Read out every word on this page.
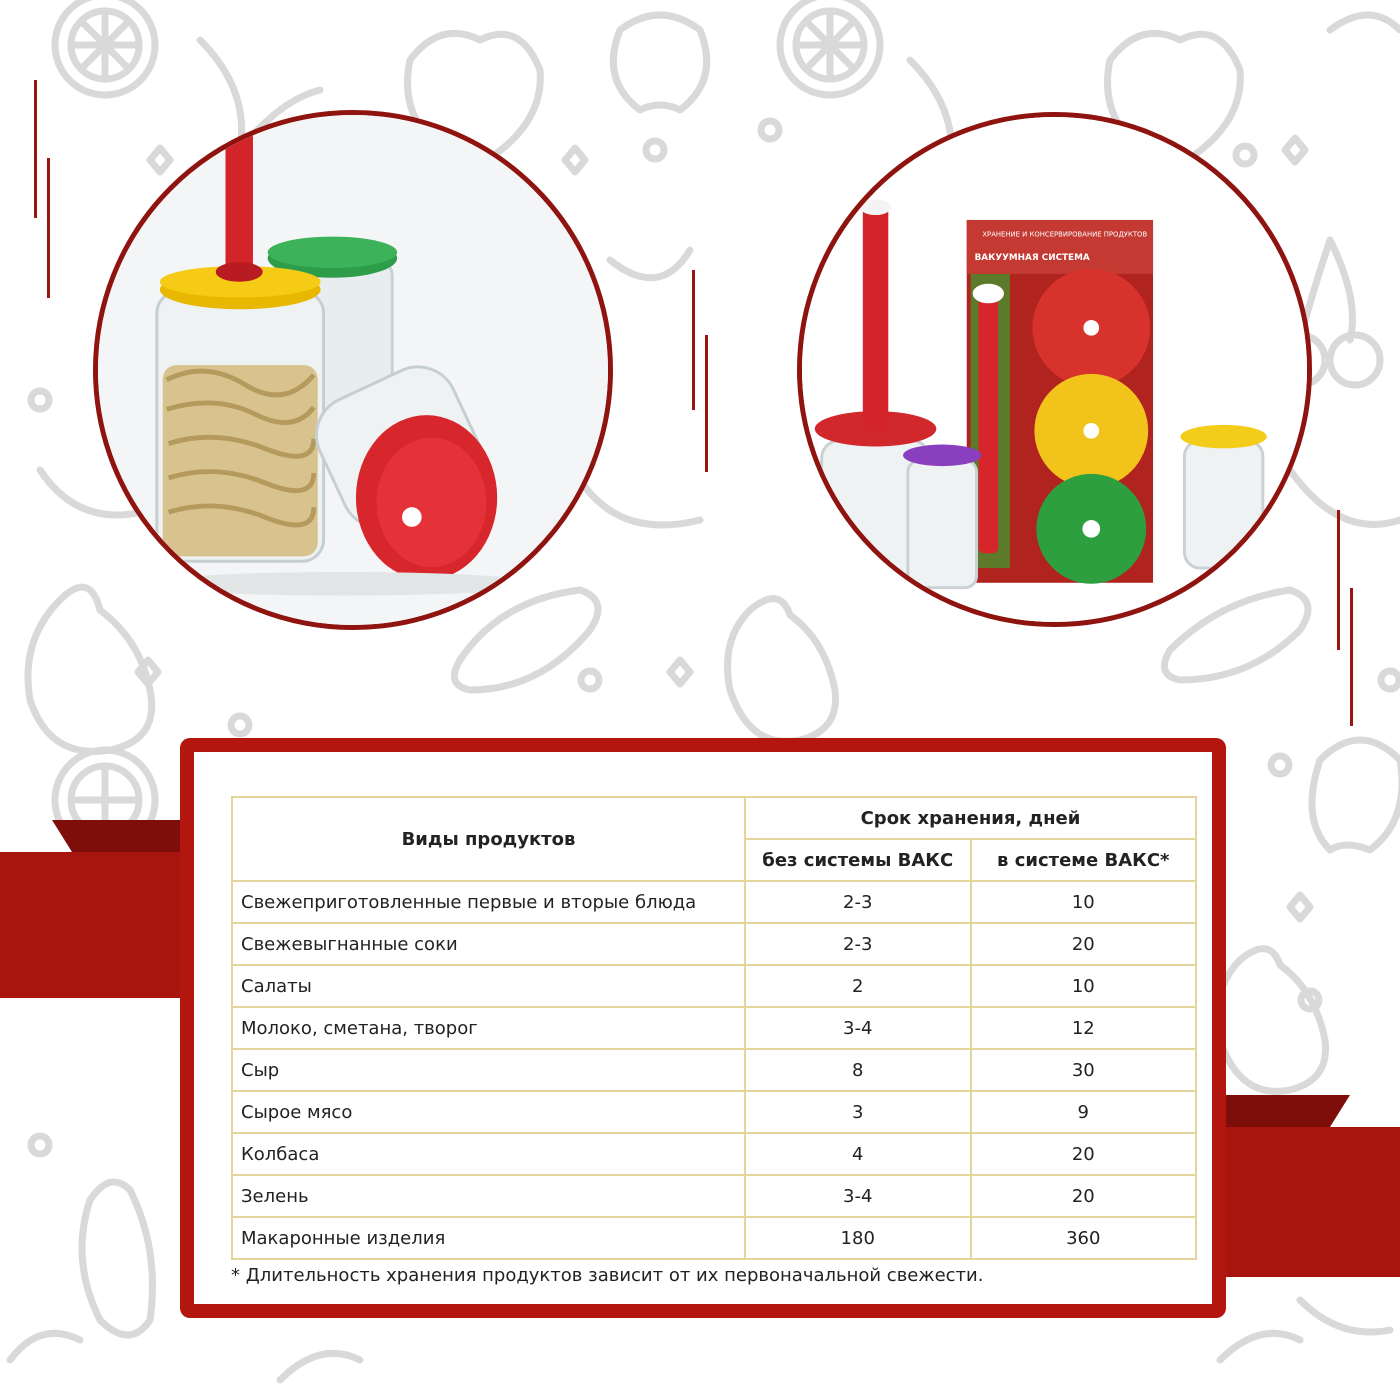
ХРАНЕНИЕ И КОНСЕРВИРОВАНИЕ ПРОДУКТОВ
ВАКУУМНАЯ СИСТЕМА
Виды продуктов	Срок хранения, дней	
	без системы ВАКС	в системе ВАКС*
Свежеприготовленные первые и вторые блюда	2-3	10
Свежевыгнанные соки	2-3	20
Салаты	2	10
Молоко, сметана, творог	3-4	12
Сыр	8	30
Сырое мясо	3	9
Колбаса	4	20
Зелень	3-4	20
Макаронные изделия	180	360
* Длительность хранения продуктов зависит от их первоначальной свежести.
